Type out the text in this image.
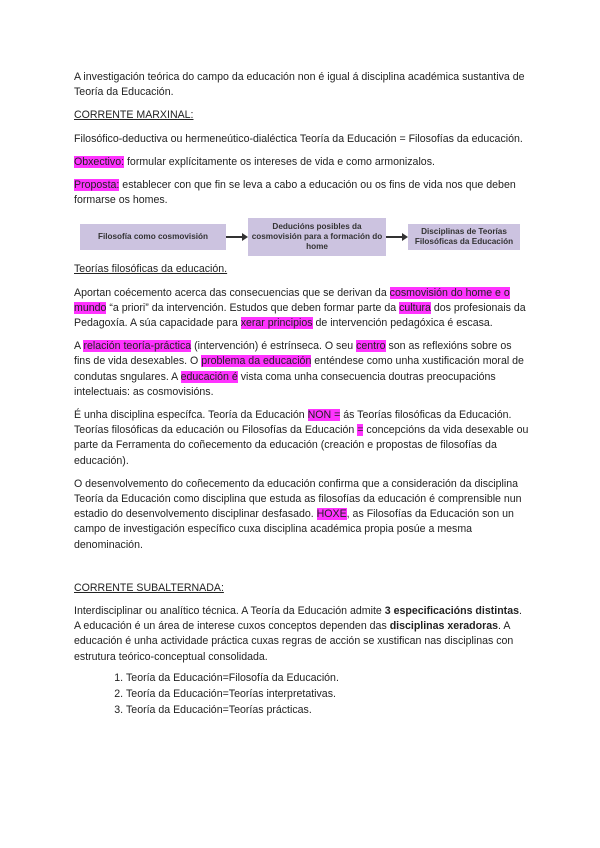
A investigación teórica do campo da educación non é igual á disciplina académica sustantiva de Teoría da Educación.

CORRENTE MARXINAL:

Filosófico-deductiva ou hermeneútico-dialéctica Teoría da Educación = Filosofías da educación.

Obxectivo: formular explícitamente os intereses de vida e como armonizalos.

Proposta: establecer con que fin se leva a cabo a educación ou os fins de vida nos que deben formarse os homes.

Filosofía como cosmovisión
Deducións posibles da cosmovisión para a formación do home
Disciplinas de Teorías Filosóficas da Educación

Teorías filosóficas da educación.

Aportan coécemento acerca das consecuencias que se derivan da cosmovisión do home e o mundo “a priori” da intervención. Estudos que deben formar parte da cultura dos profesionais da Pedagoxía. A súa capacidade para xerar principios de intervención pedagóxica é escasa.

A relación teoría-práctica (intervención) é estrínseca. O seu centro son as reflexións sobre os fins de vida desexables. O problema da educación enténdese como unha xustificación moral de condutas sngulares. A educación é vista coma unha consecuencia doutras preocupacións intelectuais: as cosmovisións.

É unha disciplina específca. Teoría da Educación NON = ás Teorías filosóficas da Educación. Teorías filosóficas da educación ou Filosofías da Educación = concepcións da vida desexable ou parte da Ferramenta do coñecemento da educación (creación e propostas de filosofías da educación).

O desenvolvemento do coñecemento da educación confirma que a consideración da disciplina Teoría da Educación como disciplina que estuda as filosofías da educación é comprensible nun estadio do desenvolvemento disciplinar desfasado. HOXE, as Filosofías da Educación son un campo de investigación específico cuxa disciplina académica propia posúe a mesma denominación.

CORRENTE SUBALTERNADA:

Interdisciplinar ou analítico técnica. A Teoría da Educación admite 3 especificacións distintas. A educación é un área de interese cuxos conceptos dependen das disciplinas xeradoras. A educación é unha actividade práctica cuxas regras de acción se xustifican nas disciplinas con estrutura teórico-conceptual consolidada.

1. Teoría da Educación=Filosofía da Educación.
2. Teoría da Educación=Teorías interpretativas.
3. Teoría da Educación=Teorías prácticas.
